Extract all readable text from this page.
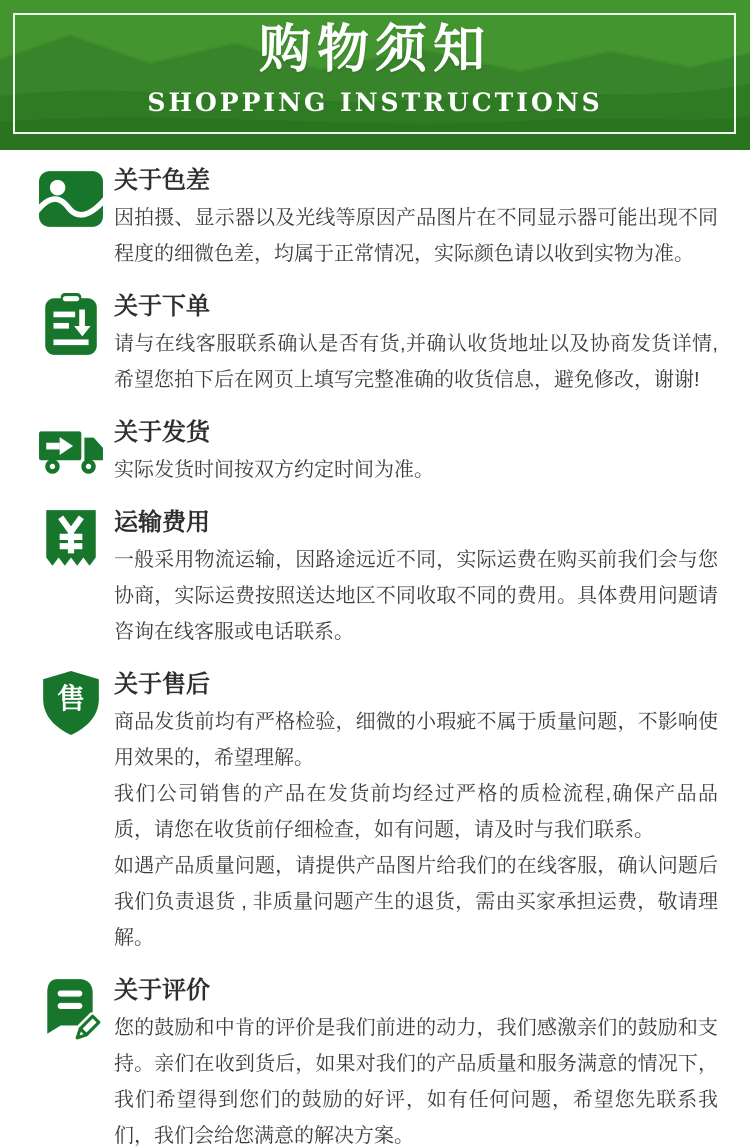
购物须知
SHOPPING INSTRUCTIONS
关于色差

因拍摄、显示器以及光线等原因产品图片在不同显示器可能出现不同程度的细微色差，均属于正常情况，实际颜色请以收到实物为准。

关于下单

请与在线客服联系确认是否有货,并确认收货地址以及协商发货详情,希望您拍下后在网页上填写完整准确的收货信息，避免修改，谢谢!

关于发货

实际发货时间按双方约定时间为准。

运输费用

一般采用物流运输，因路途远近不同，实际运费在购买前我们会与您协商，实际运费按照送达地区不同收取不同的费用。具体费用问题请咨询在线客服或电话联系。

售 关于售后

商品发货前均有严格检验，细微的小瑕疵不属于质量问题，不影响使用效果的，希望理解。

我们公司销售的产品在发货前均经过严格的质检流程,确保产品品质，请您在收货前仔细检查，如有问题，请及时与我们联系。

如遇产品质量问题，请提供产品图片给我们的在线客服，确认问题后我们负责退货 , 非质量问题产生的退货，需由买家承担运费，敬请理解。

关于评价

您的鼓励和中肯的评价是我们前进的动力，我们感激亲们的鼓励和支持。亲们在收到货后，如果对我们的产品质量和服务满意的情况下，我们希望得到您们的鼓励的好评，如有任何问题，希望您先联系我们，我们会给您满意的解决方案。
